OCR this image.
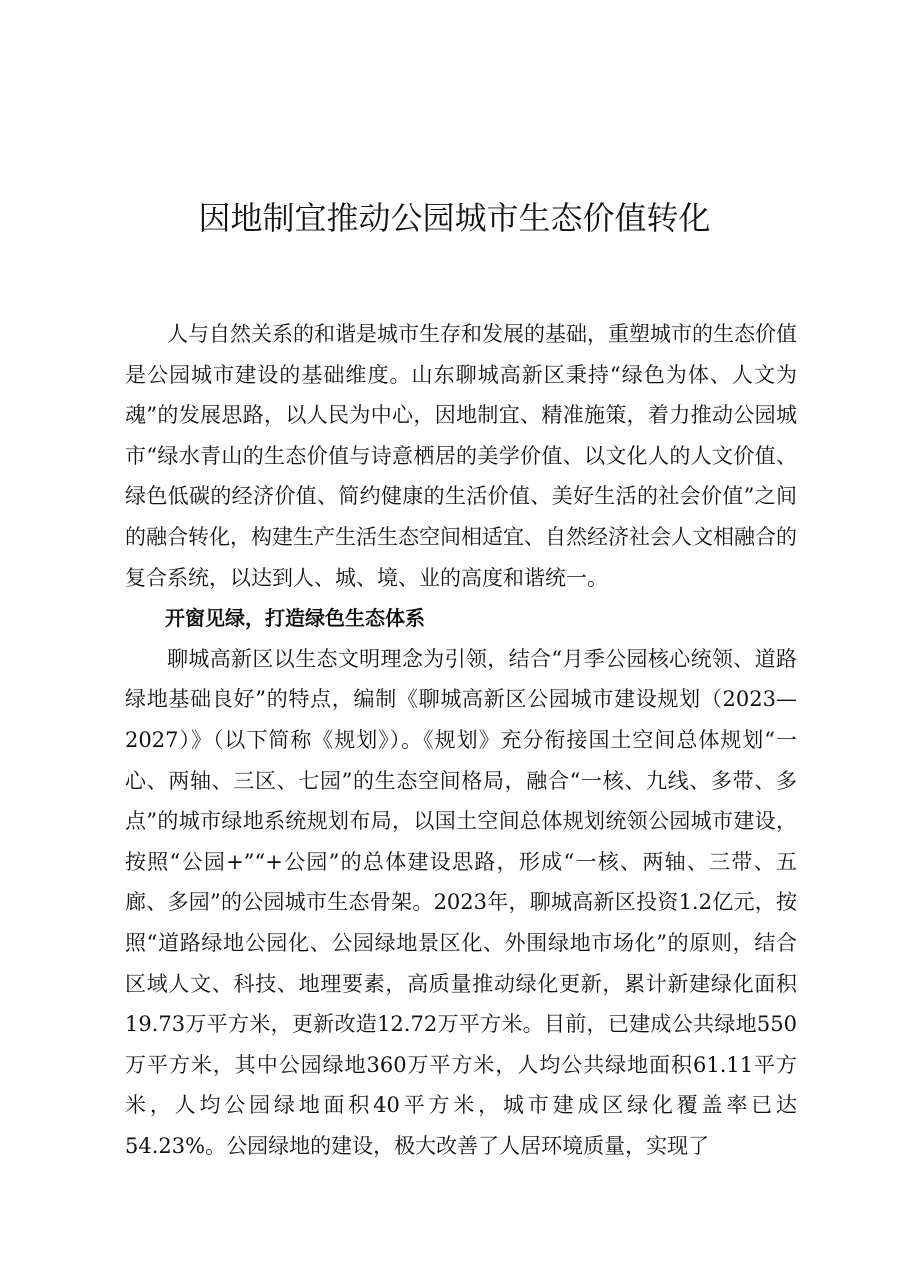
因地制宜推动公园城市生态价值转化

人与自然关系的和谐是城市生存和发展的基础，重塑城市的生态价值是公园城市建设的基础维度。山东聊城高新区秉持“绿色为体、人文为魂”的发展思路，以人民为中心，因地制宜、精准施策，着力推动公园城市“绿水青山的生态价值与诗意栖居的美学价值、以文化人的人文价值、绿色低碳的经济价值、简约健康的生活价值、美好生活的社会价值”之间的融合转化，构建生产生活生态空间相适宜、自然经济社会人文相融合的复合系统，以达到人、城、境、业的高度和谐统一。

开窗见绿，打造绿色生态体系

聊城高新区以生态文明理念为引领，结合“月季公园核心统领、道路绿地基础良好”的特点，编制《聊城高新区公园城市建设规划（2023—2027）》（以下简称《规划》）。《规划》充分衔接国土空间总体规划“一心、两轴、三区、七园”的生态空间格局，融合“一核、九线、多带、多点”的城市绿地系统规划布局，以国土空间总体规划统领公园城市建设，按照“公园+”“+公园”的总体建设思路，形成“一核、两轴、三带、五廊、多园”的公园城市生态骨架。2023年，聊城高新区投资1.2亿元，按照“道路绿地公园化、公园绿地景区化、外围绿地市场化”的原则，结合区域人文、科技、地理要素，高质量推动绿化更新，累计新建绿化面积19.73万平方米，更新改造12.72万平方米。目前，已建成公共绿地550万平方米，其中公园绿地360万平方米，人均公共绿地面积61.11平方米，人均公园绿地面积40平方米，城市建成区绿化覆盖率已达54.23%。公园绿地的建设，极大改善了人居环境质量，实现了
